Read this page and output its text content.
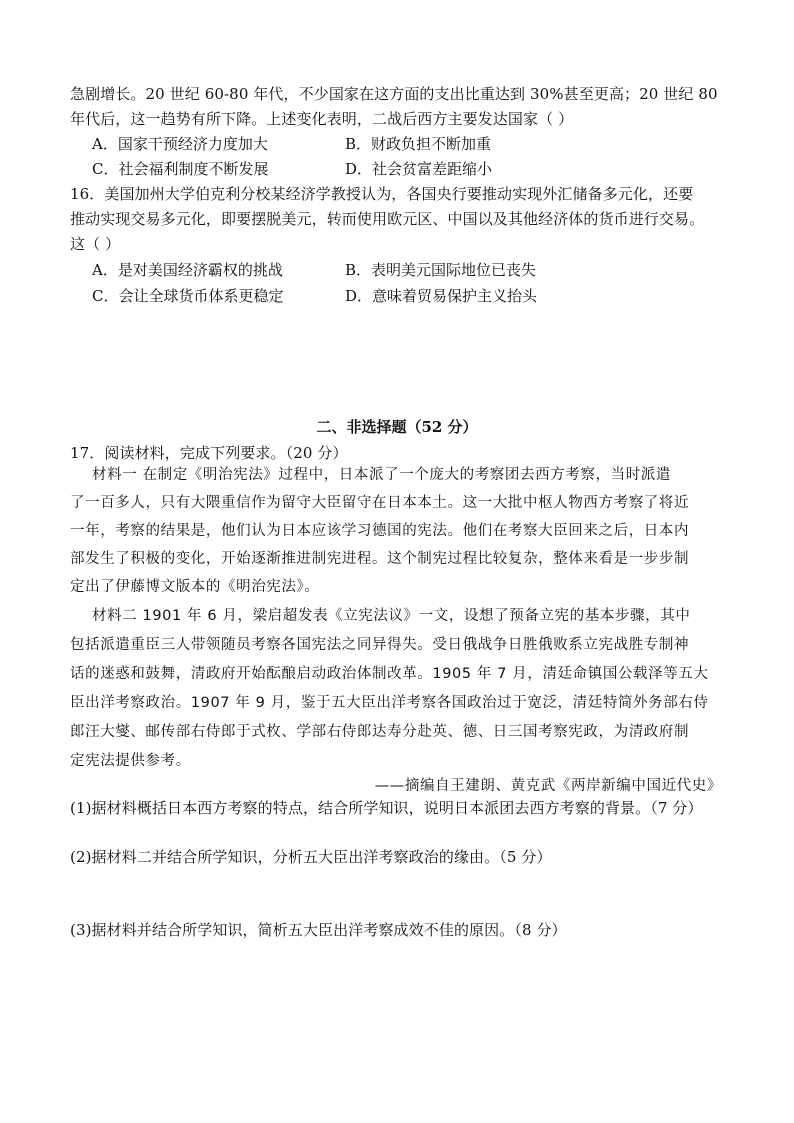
急剧增长。20 世纪 60-80 年代，不少国家在这方面的支出比重达到 30%甚至更高；20 世纪 80
年代后，这一趋势有所下降。上述变化表明，二战后西方主要发达国家（ ）
A．国家干预经济力度加大	B．财政负担不断加重
C．社会福利制度不断发展	D．社会贫富差距缩小
16．美国加州大学伯克利分校某经济学教授认为，各国央行要推动实现外汇储备多元化，还要
推动实现交易多元化，即要摆脱美元，转而使用欧元区、中国以及其他经济体的货币进行交易。
这（ ）
A．是对美国经济霸权的挑战	B．表明美元国际地位已丧失
C．会让全球货币体系更稳定	D．意味着贸易保护主义抬头
二、非选择题（52 分）
17．阅读材料，完成下列要求。（20 分）
材料一 在制定《明治宪法》过程中，日本派了一个庞大的考察团去西方考察，当时派遣
了一百多人，只有大隈重信作为留守大臣留守在日本本土。这一大批中枢人物西方考察了将近
一年，考察的结果是，他们认为日本应该学习德国的宪法。他们在考察大臣回来之后，日本内
部发生了积极的变化，开始逐渐推进制宪进程。这个制宪过程比较复杂，整体来看是一步步制
定出了伊藤博文版本的《明治宪法》。
材料二 1901 年 6 月，梁启超发表《立宪法议》一文，设想了预备立宪的基本步骤，其中
包括派遣重臣三人带领随员考察各国宪法之同异得失。受日俄战争日胜俄败系立宪战胜专制神
话的迷惑和鼓舞，清政府开始酝酿启动政治体制改革。1905 年 7 月，清廷命镇国公载泽等五大
臣出洋考察政治。1907 年 9 月，鉴于五大臣出洋考察各国政治过于宽泛，清廷特简外务部右侍
郎汪大燮、邮传部右侍郎于式枚、学部右侍郎达寿分赴英、德、日三国考察宪政，为清政府制
定宪法提供参考。
——摘编自王建朗、黄克武《两岸新编中国近代史》
(1)据材料概括日本西方考察的特点，结合所学知识，说明日本派团去西方考察的背景。（7 分）
(2)据材料二并结合所学知识，分析五大臣出洋考察政治的缘由。（5 分）
(3)据材料并结合所学知识，简析五大臣出洋考察成效不佳的原因。（8 分）
